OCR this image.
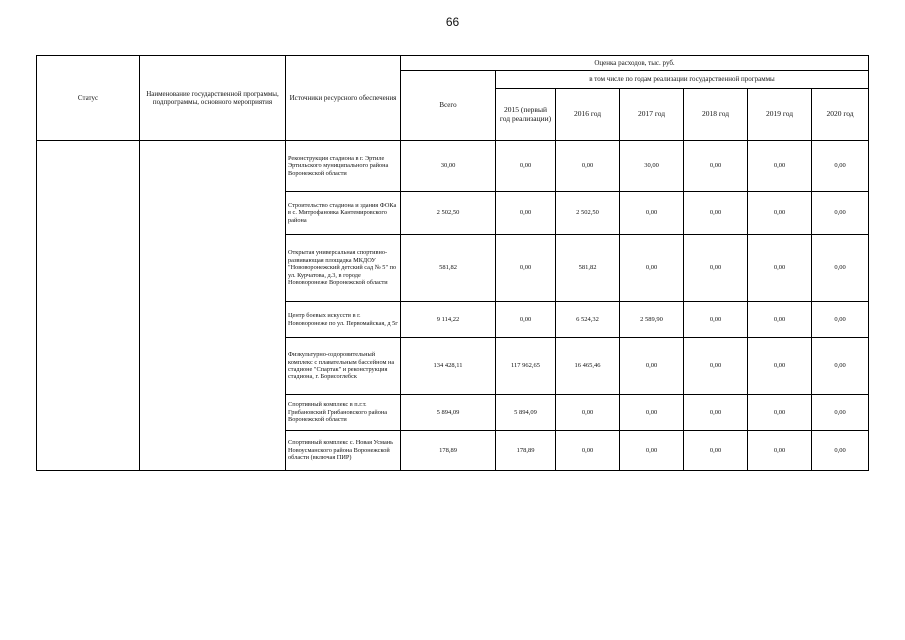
66
Статус	Наименование государственной программы, подпрограммы, основного мероприятия	Источники ресурсного обеспечения	Оценка расходов, тыс. руб.						
			Всего	в том числе по годам реализации государственной программы					
				2015 (первый год реализации)	2016 год	2017 год	2018 год	2019 год	2020 год
		Реконструкция стадиона в г. Эртиле Эртильского муниципального района Воронежской области	30,00	0,00	0,00	30,00	0,00	0,00	0,00
		Строительство стадиона и здания ФОКа в с. Митрофановка Кантемировского района	2 502,50	0,00	2 502,50	0,00	0,00	0,00	0,00
		Открытая универсальная спортивно-развивающая площадка МКДОУ "Нововоронежский детский сад № 5" по ул. Курчатова, д.3, в городе Нововоронеже Воронежской области	581,82	0,00	581,82	0,00	0,00	0,00	0,00
		Центр боевых искусств в г. Нововоронеже по ул. Первомайская, д 5г	9 114,22	0,00	6 524,32	2 589,90	0,00	0,00	0,00
		Физкультурно-оздоровительный комплекс с плавательным бассейном на стадионе "Спартак" и реконструкция стадиона, г. Борисоглебск	134 428,11	117 962,65	16 465,46	0,00	0,00	0,00	0,00
		Спортивный комплекс в п.г.т. Грибановский Грибановского района Воронежской области	5 894,09	5 894,09	0,00	0,00	0,00	0,00	0,00
		Спортивный комплекс с. Новая Усмань Новоусманского района Воронежской области (включая ПИР)	178,89	178,89	0,00	0,00	0,00	0,00	0,00
